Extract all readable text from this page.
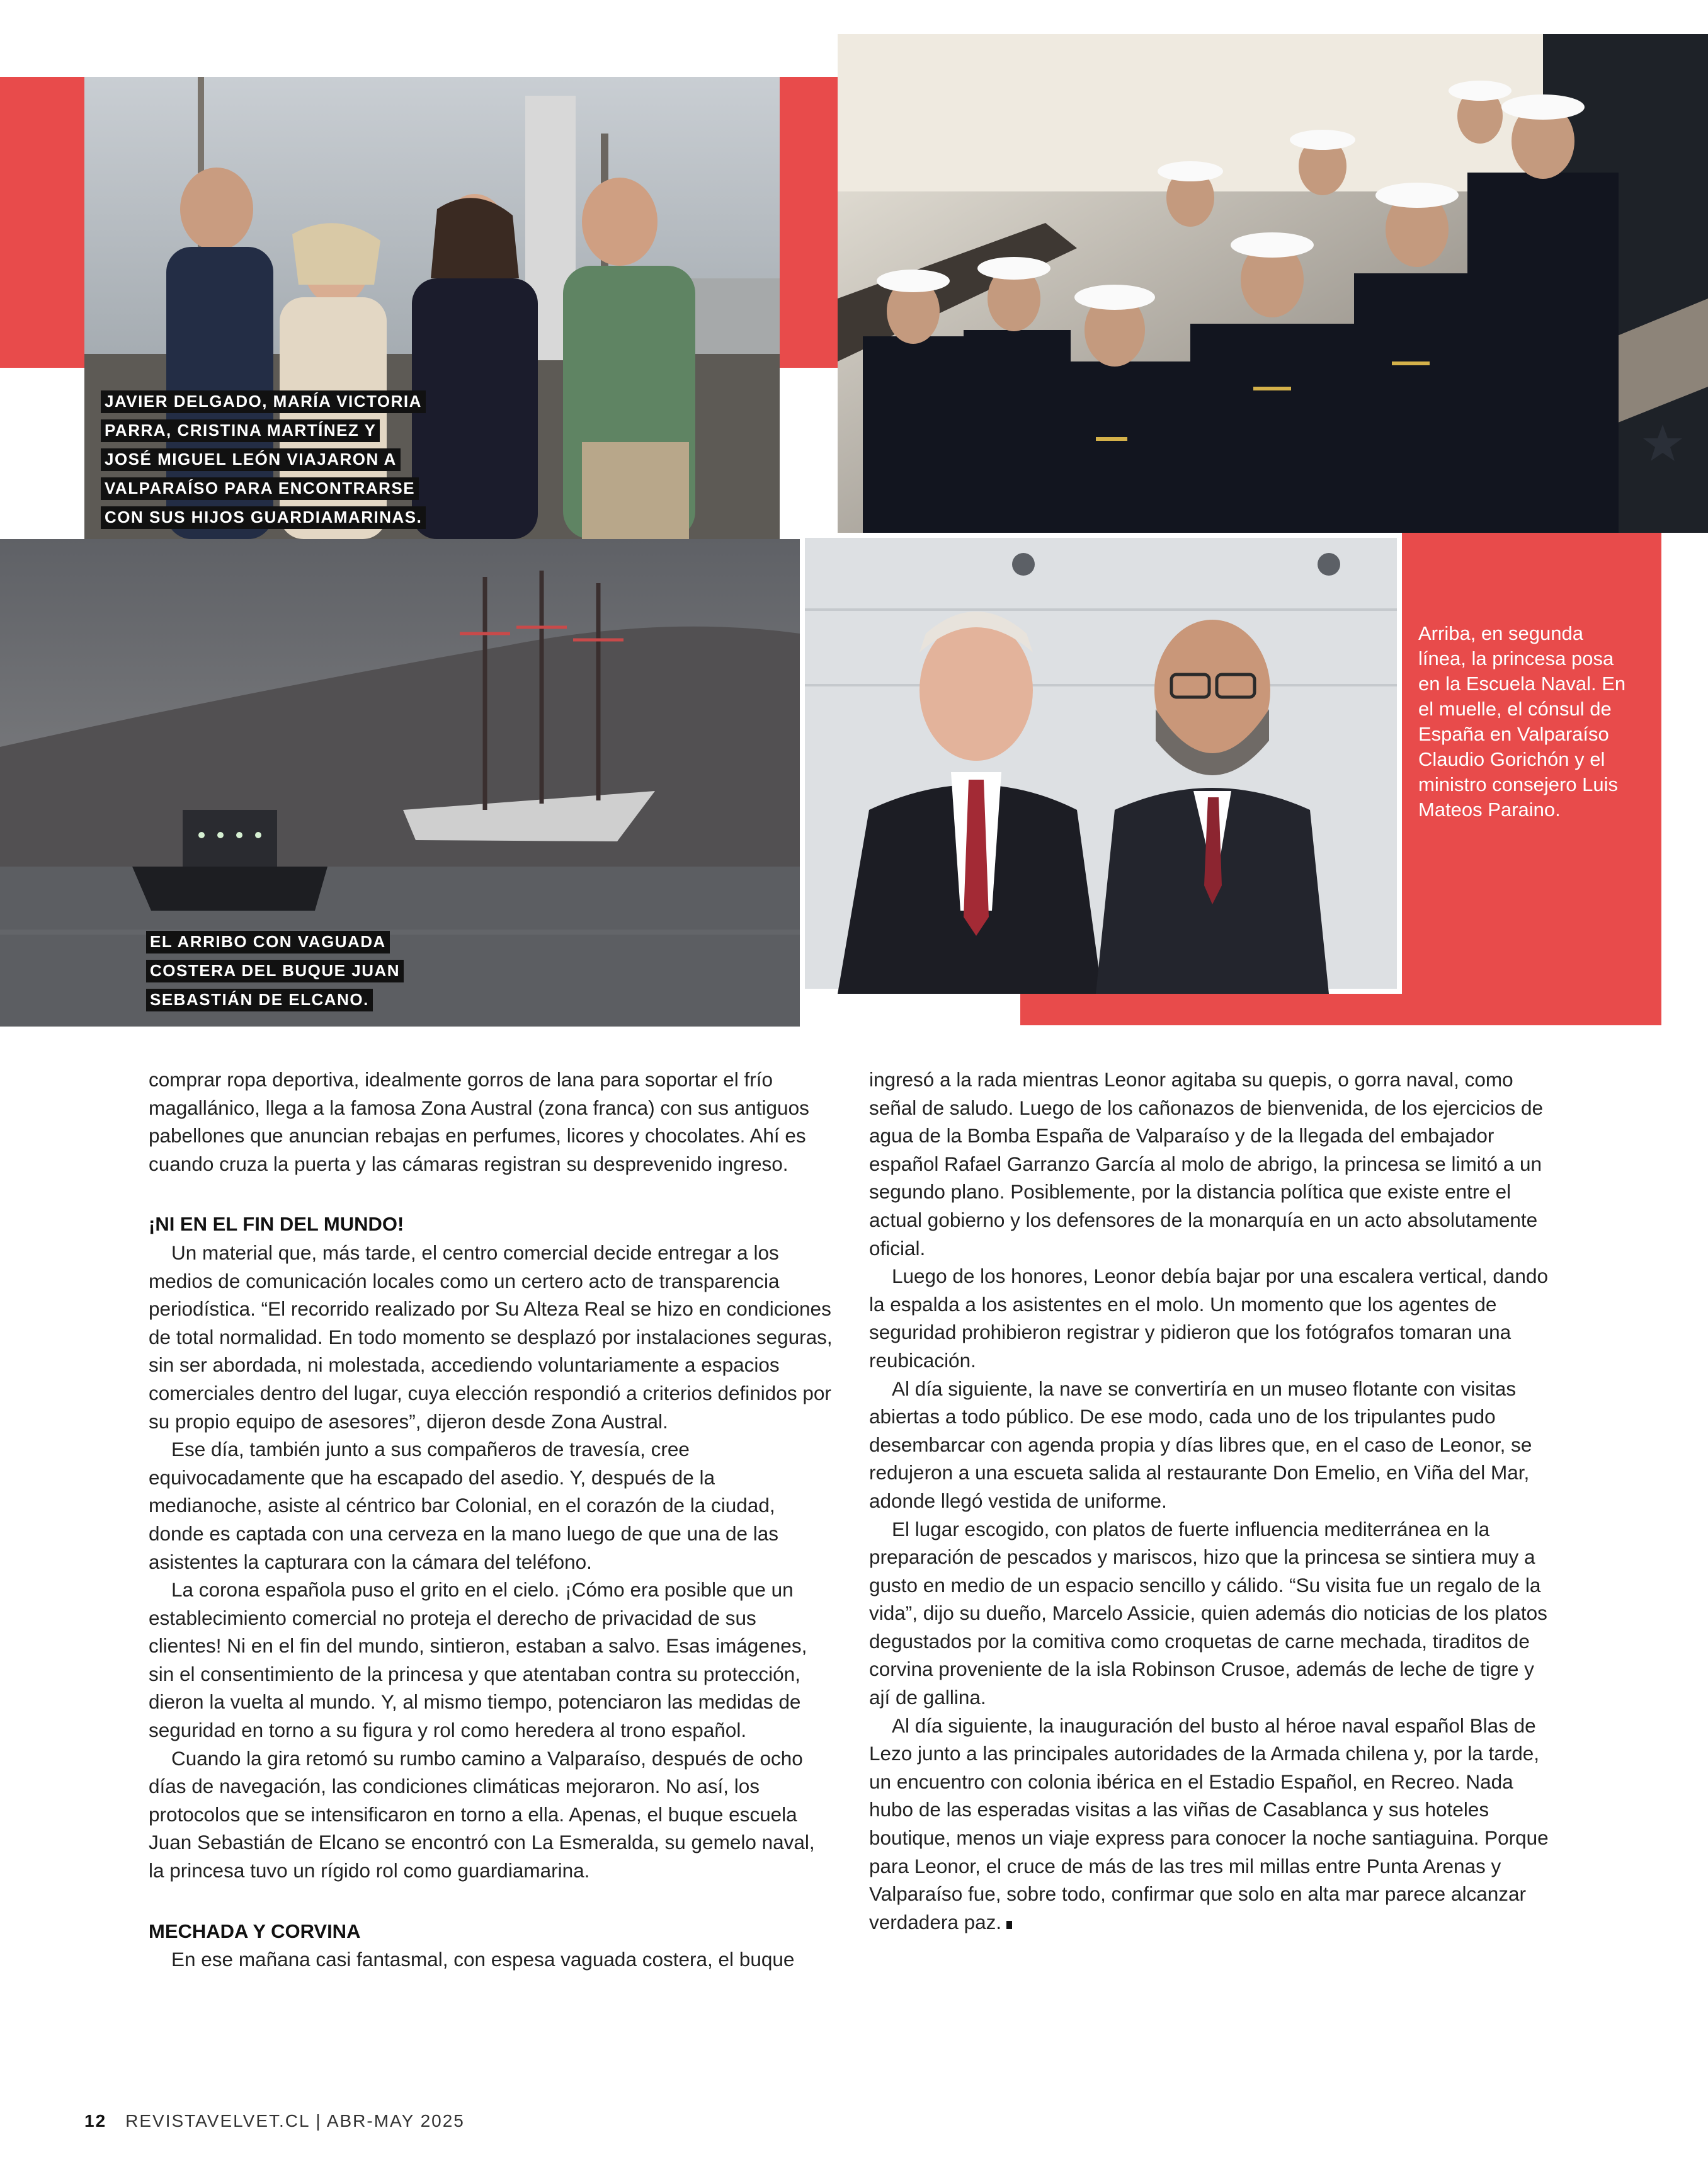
JAVIER DELGADO, MARÍA VICTORIA PARRA, CRISTINA MARTÍNEZ Y JOSÉ MIGUEL LEÓN VIAJARON A VALPARAÍSO PARA ENCONTRARSE CON SUS HIJOS GUARDIAMARINAS.
EL ARRIBO CON VAGUADA COSTERA DEL BUQUE JUAN SEBASTIÁN DE ELCANO.
Arriba, en segunda línea, la princesa posa en la Escuela Naval. En el muelle, el cónsul de España en Valparaíso Claudio Gorichón y el ministro consejero Luis Mateos Paraino.

comprar ropa deportiva, idealmente gorros de lana para soportar el frío magallánico, llega a la famosa Zona Austral (zona franca) con sus antiguos pabellones que anuncian rebajas en perfumes, licores y chocolates. Ahí es cuando cruza la puerta y las cámaras registran su desprevenido ingreso.

¡NI EN EL FIN DEL MUNDO!

Un material que, más tarde, el centro comercial decide entregar a los medios de comunicación locales como un certero acto de transparencia periodística. “El recorrido realizado por Su Alteza Real se hizo en condiciones de total normalidad. En todo momento se desplazó por instalaciones seguras, sin ser abordada, ni molestada, accediendo voluntariamente a espacios comerciales dentro del lugar, cuya elección respondió a criterios definidos por su propio equipo de asesores”, dijeron desde Zona Austral.

Ese día, también junto a sus compañeros de travesía, cree equivocadamente que ha escapado del asedio. Y, después de la medianoche, asiste al céntrico bar Colonial, en el corazón de la ciudad, donde es captada con una cerveza en la mano luego de que una de las asistentes la capturara con la cámara del teléfono.

La corona española puso el grito en el cielo. ¡Cómo era posible que un establecimiento comercial no proteja el derecho de privacidad de sus clientes! Ni en el fin del mundo, sintieron, estaban a salvo. Esas imágenes, sin el consentimiento de la princesa y que atentaban contra su protección, dieron la vuelta al mundo. Y, al mismo tiempo, potenciaron las medidas de seguridad en torno a su figura y rol como heredera al trono español.

Cuando la gira retomó su rumbo camino a Valparaíso, después de ocho días de navegación, las condiciones climáticas mejoraron. No así, los protocolos que se intensificaron en torno a ella. Apenas, el buque escuela Juan Sebastián de Elcano se encontró con La Esmeralda, su gemelo naval, la princesa tuvo un rígido rol como guardiamarina.

MECHADA Y CORVINA

En ese mañana casi fantasmal, con espesa vaguada costera, el buque

ingresó a la rada mientras Leonor agitaba su quepis, o gorra naval, como señal de saludo. Luego de los cañonazos de bienvenida, de los ejercicios de agua de la Bomba España de Valparaíso y de la llegada del embajador español Rafael Garranzo García al molo de abrigo, la princesa se limitó a un segundo plano. Posiblemente, por la distancia política que existe entre el actual gobierno y los defensores de la monarquía en un acto absolutamente oficial.

Luego de los honores, Leonor debía bajar por una escalera vertical, dando la espalda a los asistentes en el molo. Un momento que los agentes de seguridad prohibieron registrar y pidieron que los fotógrafos tomaran una reubicación.

Al día siguiente, la nave se convertiría en un museo flotante con visitas abiertas a todo público. De ese modo, cada uno de los tripulantes pudo desembarcar con agenda propia y días libres que, en el caso de Leonor, se redujeron a una escueta salida al restaurante Don Emelio, en Viña del Mar, adonde llegó vestida de uniforme.

El lugar escogido, con platos de fuerte influencia mediterránea en la preparación de pescados y mariscos, hizo que la princesa se sintiera muy a gusto en medio de un espacio sencillo y cálido. “Su visita fue un regalo de la vida”, dijo su dueño, Marcelo Assicie, quien además dio noticias de los platos degustados por la comitiva como croquetas de carne mechada, tiraditos de corvina proveniente de la isla Robinson Crusoe, además de leche de tigre y ají de gallina.

Al día siguiente, la inauguración del busto al héroe naval español Blas de Lezo junto a las principales autoridades de la Armada chilena y, por la tarde, un encuentro con colonia ibérica en el Estadio Español, en Recreo. Nada hubo de las esperadas visitas a las viñas de Casablanca y sus hoteles boutique, menos un viaje express para conocer la noche santiaguina. Porque para Leonor, el cruce de más de las tres mil millas entre Punta Arenas y Valparaíso fue, sobre todo, confirmar que solo en alta mar parece alcanzar verdadera paz.

12 REVISTAVELVET.CL | ABR-MAY 2025
